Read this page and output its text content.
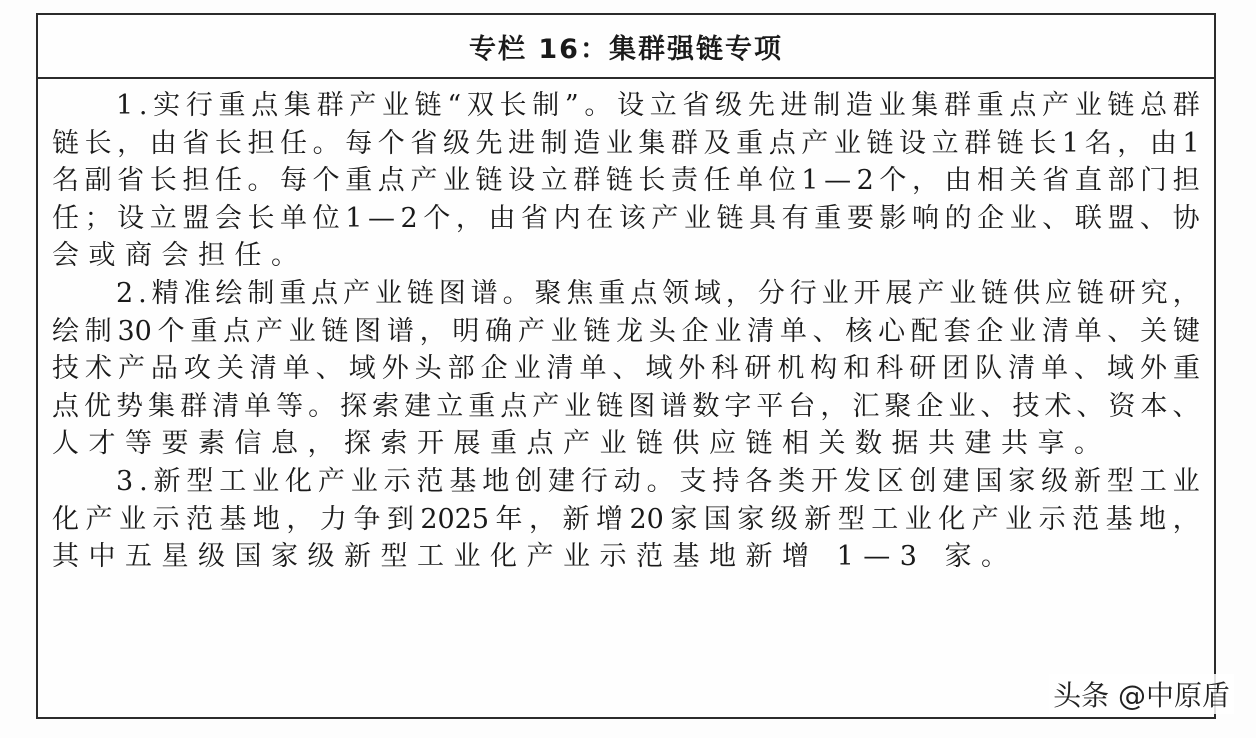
专栏 16：集群强链专项
1 . 实 行 重 点 集 群 产 业 链 “ 双 长 制 ” 。 设 立 省 级 先 进 制 造 业 集 群 重 点 产 业 链 总 群
链 长 ， 由 省 长 担 任 。 每 个 省 级 先 进 制 造 业 集 群 及 重 点 产 业 链 设 立 群 链 长 1 名 ， 由 1
名 副 省 长 担 任 。 每 个 重 点 产 业 链 设 立 群 链 长 责 任 单 位 1 — 2 个 ， 由 相 关 省 直 部 门 担
任 ； 设 立 盟 会 长 单 位 1 — 2 个 ， 由 省 内 在 该 产 业 链 具 有 重 要 影 响 的 企 业 、 联 盟 、 协
会或商会担任。
2 . 精 准 绘 制 重 点 产 业 链 图 谱 。 聚 焦 重 点 领 域 ， 分 行 业 开 展 产 业 链 供 应 链 研 究 ，
绘 制 30 个 重 点 产 业 链 图 谱 ， 明 确 产 业 链 龙 头 企 业 清 单 、 核 心 配 套 企 业 清 单 、 关 键
技 术 产 品 攻 关 清 单 、 域 外 头 部 企 业 清 单 、 域 外 科 研 机 构 和 科 研 团 队 清 单 、 域 外 重
点 优 势 集 群 清 单 等 。 探 索 建 立 重 点 产 业 链 图 谱 数 字 平 台 ， 汇 聚 企 业 、 技 术 、 资 本 、
人才等要素信息，探索开展重点产业链供应链相关数据共建共享。
3 . 新 型 工 业 化 产 业 示 范 基 地 创 建 行 动 。 支 持 各 类 开 发 区 创 建 国 家 级 新 型 工 业
化 产 业 示 范 基 地 ， 力 争 到 2025 年 ， 新 增 20 家 国 家 级 新 型 工 业 化 产 业 示 范 基 地 ，
其中五星级国家级新型工业化产业示范基地新增 1—3 家。
头条 @中原盾
